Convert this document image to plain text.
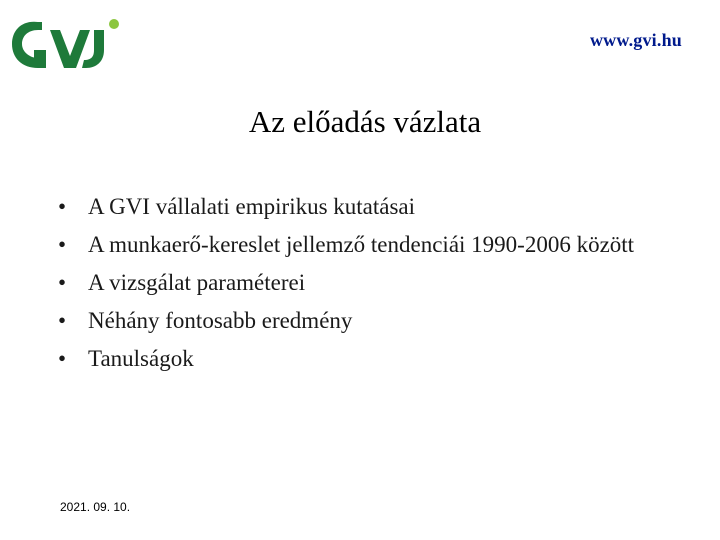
www.gvi.hu
Az előadás vázlata
• A GVI vállalati empirikus kutatásai
• A munkaerő-kereslet jellemző tendenciái 1990-2006 között
• A vizsgálat paraméterei
• Néhány fontosabb eredmény
• Tanulságok
2021. 09. 10.
